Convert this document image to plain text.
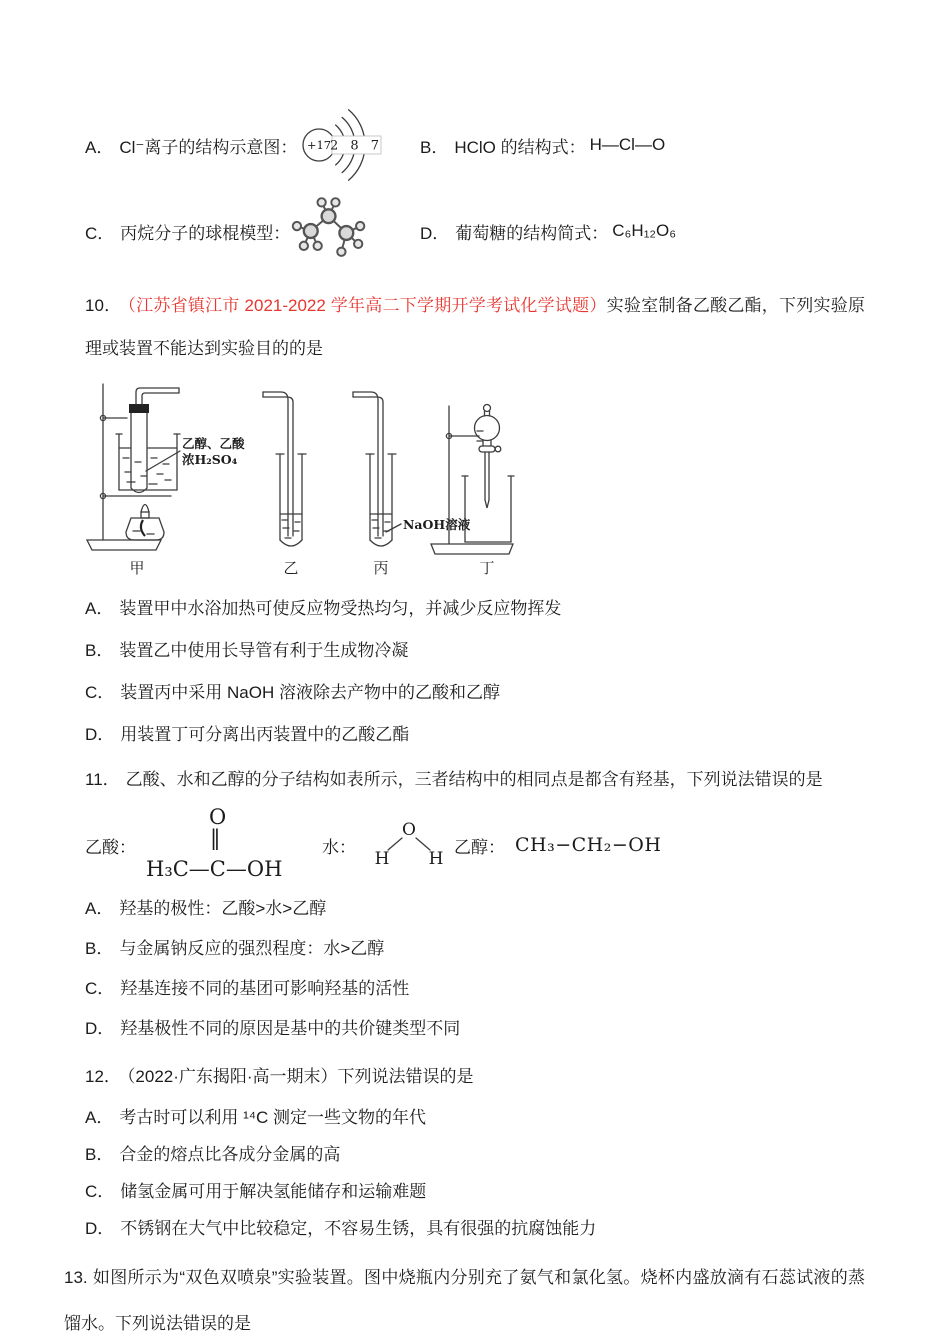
A． Cl⁻离子的结构示意图： +17
2 8 7 B． HClO 的结构式： H—Cl—O
C． 丙烷分子的球棍模型：	D． 葡萄糖的结构简式： C₆H₁₂O₆
10． （江苏省镇江市 2021-2022 学年高二下学期开学考试化学试题）实验室制备乙酸乙酯，下列实验原理或装置不能达到实验目的的是
乙醇、乙酸
浓H₂SO₄
甲	乙
NaOH溶液
丙	丁
A． 装置甲中水浴加热可使反应物受热均匀，并减少反应物挥发
B． 装置乙中使用长导管有利于生成物冷凝
C． 装置丙中采用 NaOH 溶液除去产物中的乙酸和乙醇
D． 用装置丁可分离出丙装置中的乙酸乙酯
11． 乙酸、水和乙醇的分子结构如表所示，三者结构中的相同点是都含有羟基，下列说法错误的是
乙酸：
O
‖
H₃C—C—OH
水：
O
H H
乙醇： CH₃−CH₂−OH
A． 羟基的极性：乙酸>水>乙醇
B． 与金属钠反应的强烈程度：水>乙醇
C． 羟基连接不同的基团可影响羟基的活性
D． 羟基极性不同的原因是基中的共价键类型不同
12． （2022·广东揭阳·高一期末）下列说法错误的是
A． 考古时可以利用 ¹⁴C 测定一些文物的年代
B． 合金的熔点比各成分金属的高
C． 储氢金属可用于解决氢能储存和运输难题
D． 不锈钢在大气中比较稳定，不容易生锈，具有很强的抗腐蚀能力
13. 如图所示为“双色双喷泉”实验装置。图中烧瓶内分别充了氨气和氯化氢。烧杯内盛放滴有石蕊试液的蒸馏水。下列说法错误的是
